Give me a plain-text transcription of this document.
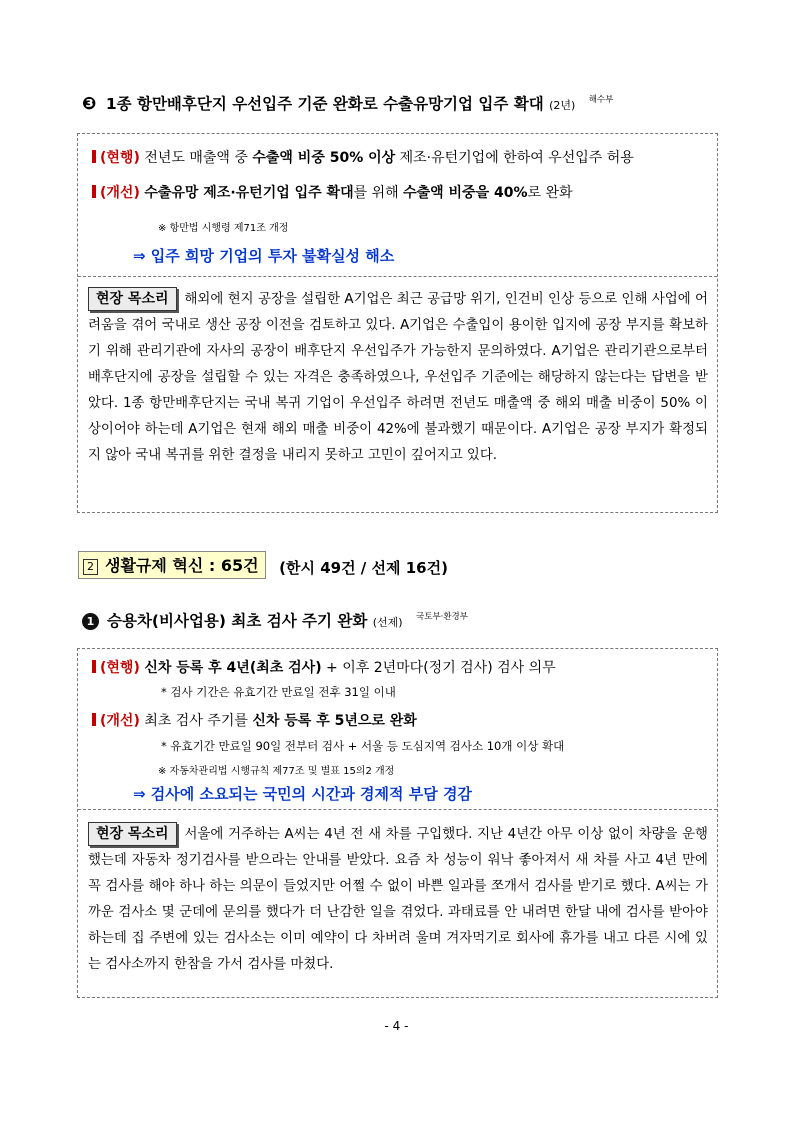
❸ 1종 항만배후단지 우선입주 기준 완화로 수출유망기업 입주 확대 (2년) $^{해수부}$
(현행) 전년도 매출액 중 수출액 비중 50% 이상 제조·유턴기업에 한하여 우선입주 허용
(개선) 수출유망 제조·유턴기업 입주 확대를 위해 수출액 비중을 40%로 완화
※ 항만법 시행령 제71조 개정
⇒ 입주 희망 기업의 투자 불확실성 해소
현장 목소리 해외에 현지 공장을 설립한 A기업은 최근 공급망 위기, 인건비 인상 등으로 인해 사업에 어려움을 겪어 국내로 생산 공장 이전을 검토하고 있다. A기업은 수출입이 용이한 입지에 공장 부지를 확보하기 위해 관리기관에 자사의 공장이 배후단지 우선입주가 가능한지 문의하였다. A기업은 관리기관으로부터 배후단지에 공장을 설립할 수 있는 자격은 충족하였으나, 우선입주 기준에는 해당하지 않는다는 답변을 받았다. 1종 항만배후단지는 국내 복귀 기업이 우선입주 하려면 전년도 매출액 중 해외 매출 비중이 50% 이상이어야 하는데 A기업은 현재 해외 매출 비중이 42%에 불과했기 때문이다. A기업은 공장 부지가 확정되지 않아 국내 복귀를 위한 결정을 내리지 못하고 고민이 깊어지고 있다.
2 생활규제 혁신 : 65건 (한시 49건 / 선제 16건)
1 승용차(비사업용) 최초 검사 주기 완화 (선제) $^{국토부\cdot 환경부}$
(현행) 신차 등록 후 4년(최초 검사) + 이후 2년마다(정기 검사) 검사 의무
* 검사 기간은 유효기간 만료일 전후 31일 이내
(개선) 최초 검사 주기를 신차 등록 후 5년으로 완화
* 유효기간 만료일 90일 전부터 검사 + 서울 등 도심지역 검사소 10개 이상 확대
※ 자동차관리법 시행규칙 제77조 및 별표 15의2 개정
⇒ 검사에 소요되는 국민의 시간과 경제적 부담 경감
현장 목소리 서울에 거주하는 A씨는 4년 전 새 차를 구입했다. 지난 4년간 아무 이상 없이 차량을 운행했는데 자동차 정기검사를 받으라는 안내를 받았다. 요즘 차 성능이 워낙 좋아져서 새 차를 사고 4년 만에 꼭 검사를 해야 하나 하는 의문이 들었지만 어쩔 수 없이 바쁜 일과를 쪼개서 검사를 받기로 했다. A씨는 가까운 검사소 몇 군데에 문의를 했다가 더 난감한 일을 겪었다. 과태료를 안 내려면 한달 내에 검사를 받아야 하는데 집 주변에 있는 검사소는 이미 예약이 다 차버려 울며 겨자먹기로 회사에 휴가를 내고 다른 시에 있는 검사소까지 한참을 가서 검사를 마쳤다.
- 4 -
